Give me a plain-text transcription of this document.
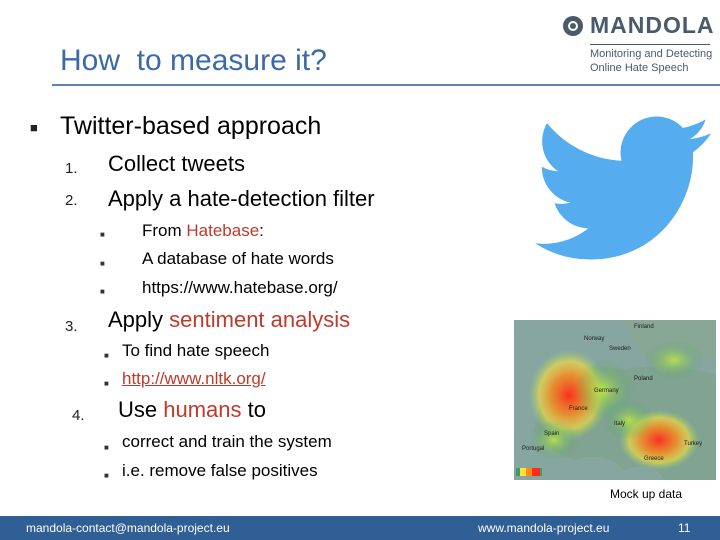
How  to measure it?
MANDOLA
Monitoring and Detecting
Online Hate Speech
■ Twitter-based approach
1. Collect tweets
2. Apply a hate-detection filter
■ From Hatebase:
■ A database of hate words
■ https://www.hatebase.org/
3. Apply sentiment analysis
■ To find hate speech
■ http://www.nltk.org/
4. Use humans to
■ correct and train the system
■ i.e. remove false positives
Finland
Norway
Sweden
Poland
Germany
France
Italy
Spain
Portugal
Turkey
Greece
Mock up data
mandola-contact@mandola-project.eu	www.mandola-project.eu	11
